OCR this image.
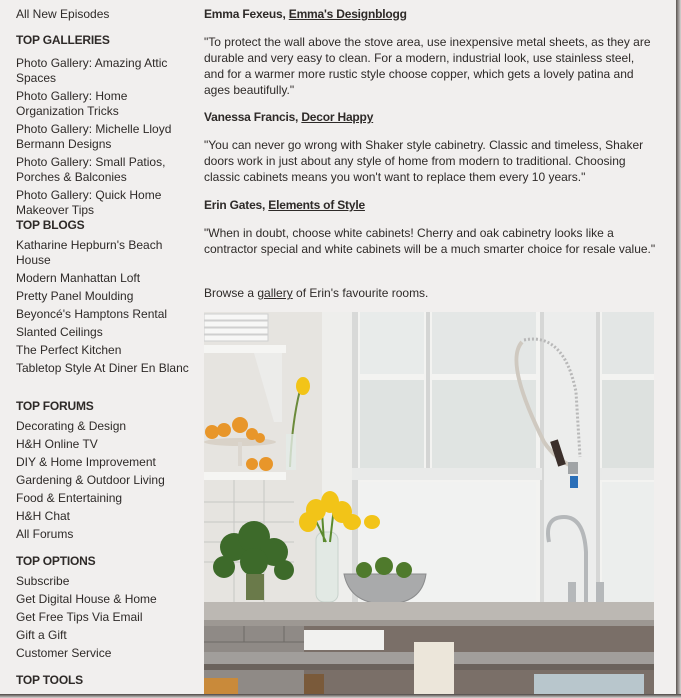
All New Episodes
TOP GALLERIES
Photo Gallery: Amazing Attic Spaces
Photo Gallery: Home Organization Tricks
Photo Gallery: Michelle Lloyd Bermann Designs
Photo Gallery: Small Patios, Porches & Balconies
Photo Gallery: Quick Home Makeover Tips
TOP BLOGS
Katharine Hepburn's Beach House
Modern Manhattan Loft
Pretty Panel Moulding
Beyoncé's Hamptons Rental
Slanted Ceilings
The Perfect Kitchen
Tabletop Style At Diner En Blanc
TOP FORUMS
Decorating & Design
H&H Online TV
DIY & Home Improvement
Gardening & Outdoor Living
Food & Entertaining
H&H Chat
All Forums
TOP OPTIONS
Subscribe
Get Digital House & Home
Get Free Tips Via Email
Gift a Gift
Customer Service
TOP TOOLS
Emma Fexeus, Emma's Designblogg

"To protect the wall above the stove area, use inexpensive metal sheets, as they are durable and very easy to clean. For a modern, industrial look, use stainless steel, and for a warmer more rustic style choose copper, which gets a lovely patina and ages beautifully."

Vanessa Francis, Decor Happy

"You can never go wrong with Shaker style cabinetry. Classic and timeless, Shaker doors work in just about any style of home from modern to traditional. Choosing classic cabinets means you won't want to replace them every 10 years."

Erin Gates, Elements of Style

"When in doubt, choose white cabinets! Cherry and oak cabinetry looks like a contractor special and white cabinets will be a much smarter choice for resale value."

Browse a gallery of Erin's favourite rooms.
